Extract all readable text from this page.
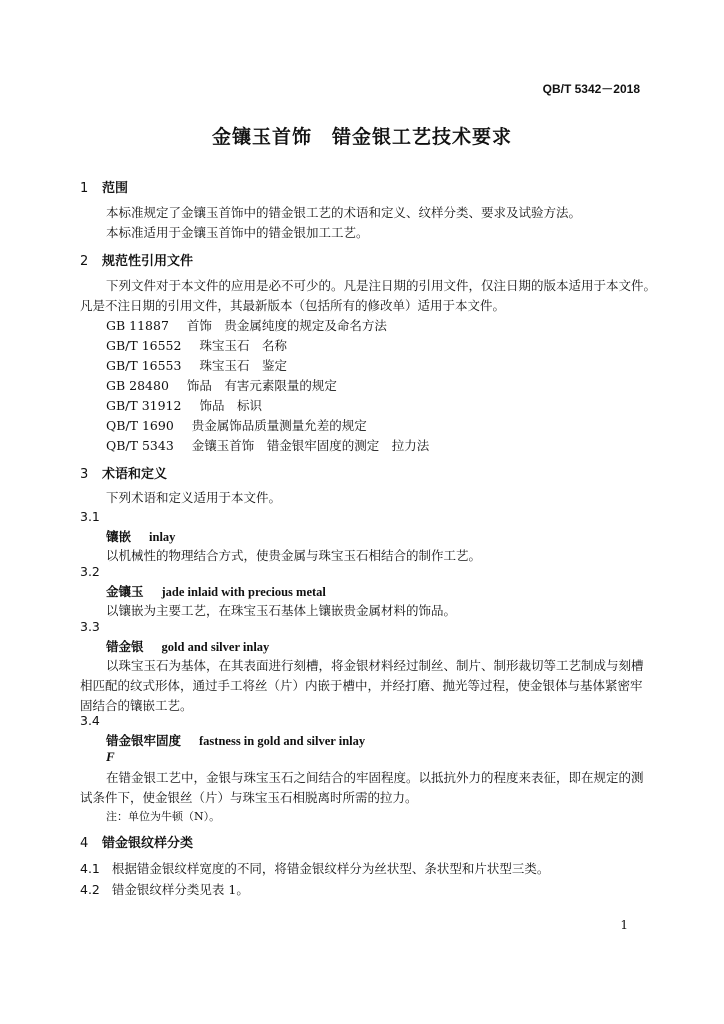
QB/T 5342－2018
金镶玉首饰　错金银工艺技术要求
1 范围
本标准规定了金镶玉首饰中的错金银工艺的术语和定义、纹样分类、要求及试验方法。
本标准适用于金镶玉首饰中的错金银加工工艺。
2 规范性引用文件
下列文件对于本文件的应用是必不可少的。凡是注日期的引用文件，仅注日期的版本适用于本文件。
凡是不注日期的引用文件，其最新版本（包括所有的修改单）适用于本文件。
GB 11887 首饰　贵金属纯度的规定及命名方法
GB/T 16552 珠宝玉石　名称
GB/T 16553 珠宝玉石　鉴定
GB 28480 饰品　有害元素限量的规定
GB/T 31912 饰品　标识
QB/T 1690 贵金属饰品质量测量允差的规定
QB/T 5343 金镶玉首饰　错金银牢固度的测定　拉力法
3 术语和定义
下列术语和定义适用于本文件。
3.1
镶嵌 inlay
以机械性的物理结合方式，使贵金属与珠宝玉石相结合的制作工艺。
3.2
金镶玉 jade inlaid with precious metal
以镶嵌为主要工艺，在珠宝玉石基体上镶嵌贵金属材料的饰品。
3.3
错金银 gold and silver inlay
以珠宝玉石为基体，在其表面进行刻槽，将金银材料经过制丝、制片、制形裁切等工艺制成与刻槽
相匹配的纹式形体，通过手工将丝（片）内嵌于槽中，并经打磨、抛光等过程，使金银体与基体紧密牢
固结合的镶嵌工艺。
3.4
错金银牢固度 fastness in gold and silver inlay
F
在错金银工艺中，金银与珠宝玉石之间结合的牢固程度。以抵抗外力的程度来表征，即在规定的测
试条件下，使金银丝（片）与珠宝玉石相脱离时所需的拉力。
注：单位为牛顿（N）。
4 错金银纹样分类
4.1 根据错金银纹样宽度的不同，将错金银纹样分为丝状型、条状型和片状型三类。
4.2 错金银纹样分类见表 1。
1
